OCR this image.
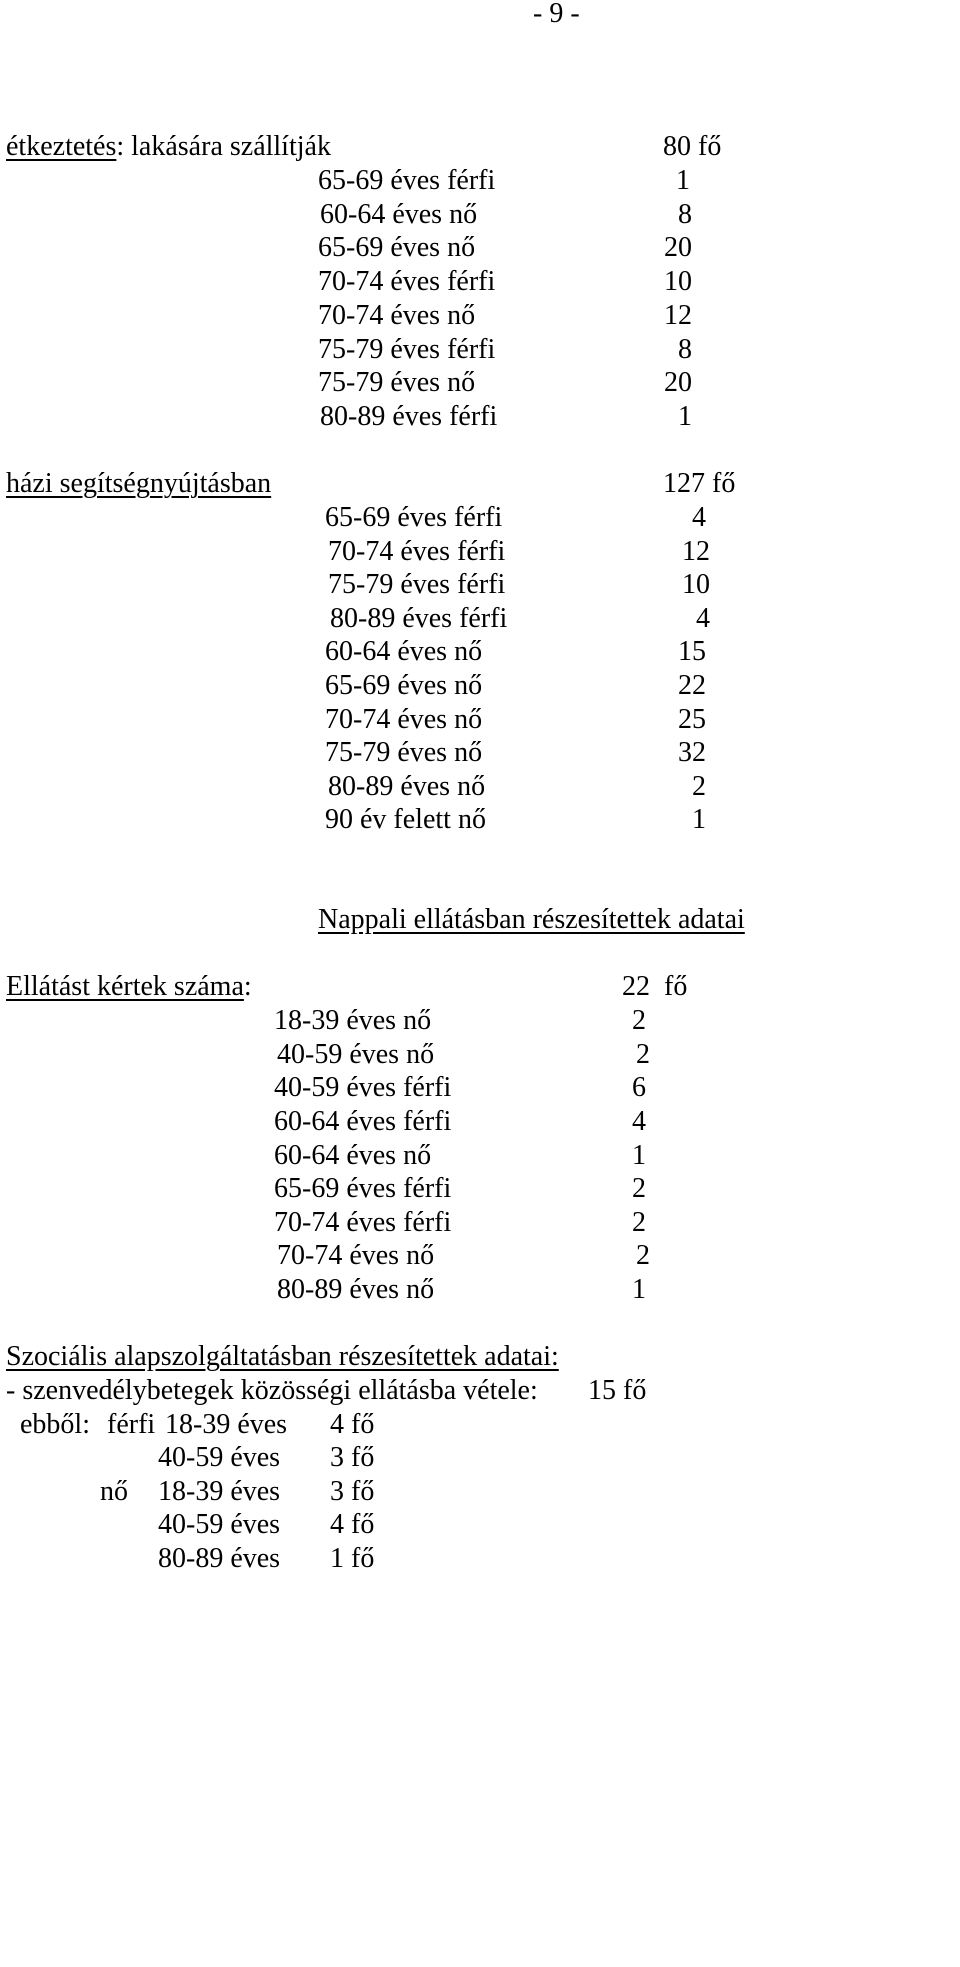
- 9 -
étkeztetés: lakására szállítják	80 fő
65-69 éves férfi	1
60-64 éves nő	8
65-69 éves nő	20
70-74 éves férfi	10
70-74 éves nő	12
75-79 éves férfi	8
75-79 éves nő	20
80-89 éves férfi	1
házi segítségnyújtásban	127 fő
65-69 éves férfi	4
70-74 éves férfi	12
75-79 éves férfi	10
80-89 éves férfi	4
60-64 éves nő	15
65-69 éves nő	22
70-74 éves nő	25
75-79 éves nő	32
80-89 éves nő	2
90 év felett nő	1
Nappali ellátásban részesítettek adatai
Ellátást kértek száma:	22  fő
18-39 éves nő	2
40-59 éves nő	2
40-59 éves férfi	6
60-64 éves férfi	4
60-64 éves nő	1
65-69 éves férfi	2
70-74 éves férfi	2
70-74 éves nő	2
80-89 éves nő	1
Szociális alapszolgáltatásban részesítettek adatai:
- szenvedélybetegek közösségi ellátásba vétele: 15 fő
ebből: férfi 18-39 éves 4 fő
40-59 éves 3 fő
nő 18-39 éves 3 fő
40-59 éves 4 fő
80-89 éves 1 fő
